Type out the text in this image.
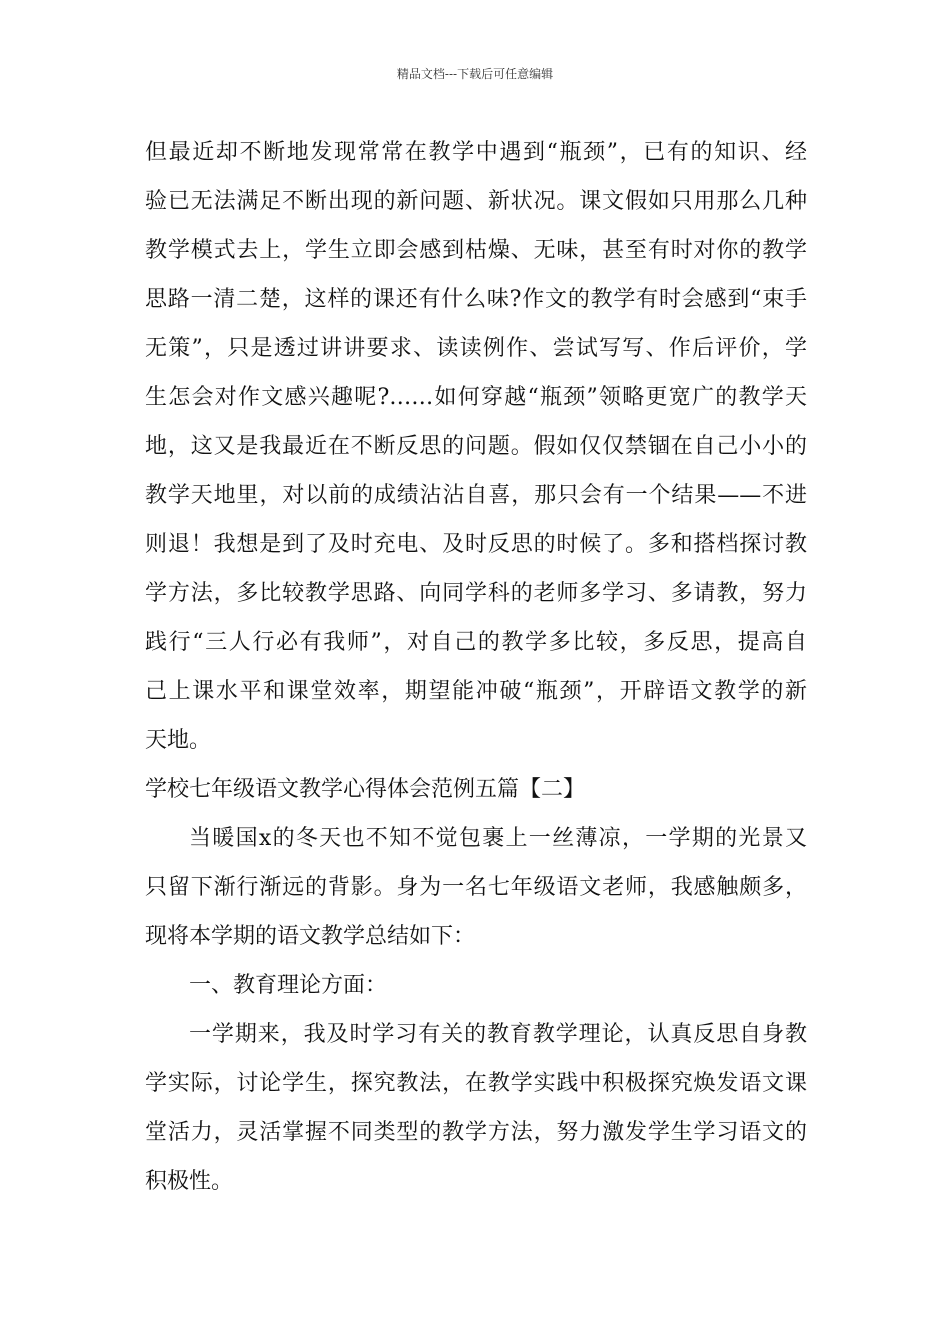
精品文档---下载后可任意编辑
但最近却不断地发现常常在教学中遇到“瓶颈”，已有的知识、经
验已无法满足不断出现的新问题、新状况。课文假如只用那么几种
教学模式去上，学生立即会感到枯燥、无味，甚至有时对你的教学
思路一清二楚，这样的课还有什么味?作文的教学有时会感到“束手
无策”，只是透过讲讲要求、读读例作、尝试写写、作后评价，学
生怎会对作文感兴趣呢?……如何穿越“瓶颈”领略更宽广的教学天
地，这又是我最近在不断反思的问题。假如仅仅禁锢在自己小小的
教学天地里，对以前的成绩沾沾自喜，那只会有一个结果——不进
则退！我想是到了及时充电、及时反思的时候了。多和搭档探讨教
学方法，多比较教学思路、向同学科的老师多学习、多请教，努力
践行“三人行必有我师”，对自己的教学多比较，多反思，提高自
己上课水平和课堂效率，期望能冲破“瓶颈”，开辟语文教学的新
天地。
学校七年级语文教学心得体会范例五篇【二】
当暖国x的冬天也不知不觉包裹上一丝薄凉，一学期的光景又
只留下渐行渐远的背影。身为一名七年级语文老师，我感触颇多，
现将本学期的语文教学总结如下：
一、教育理论方面：
一学期来，我及时学习有关的教育教学理论，认真反思自身教
学实际，讨论学生，探究教法，在教学实践中积极探究焕发语文课
堂活力，灵活掌握不同类型的教学方法，努力激发学生学习语文的
积极性。
